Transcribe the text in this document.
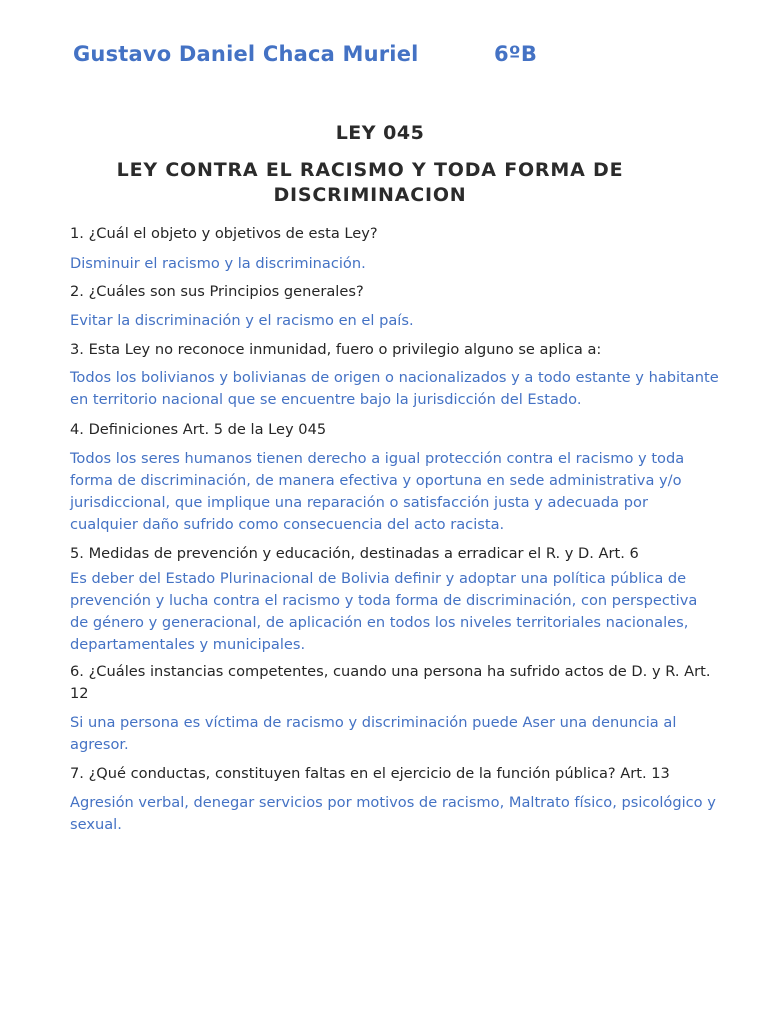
Gustavo Daniel Chaca Muriel	6ºB
LEY 045
LEY CONTRA EL RACISMO Y TODA FORMA DE DISCRIMINACION
1. ¿Cuál el objeto y objetivos de esta Ley?
Disminuir el racismo y la discriminación.
2. ¿Cuáles son sus Principios generales?
Evitar la discriminación y el racismo en el país.
3. Esta Ley no reconoce inmunidad, fuero o privilegio alguno se aplica a:
Todos los bolivianos y bolivianas de origen o nacionalizados y a todo estante y habitante en territorio nacional que se encuentre bajo la jurisdicción del Estado.
4. Definiciones Art. 5 de la Ley 045
Todos los seres humanos tienen derecho a igual protección contra el racismo y toda forma de discriminación, de manera efectiva y oportuna en sede administrativa y/o jurisdiccional, que implique una reparación o satisfacción justa y adecuada por cualquier daño sufrido como consecuencia del acto racista.
5. Medidas de prevención y educación, destinadas a erradicar el R. y D. Art. 6
Es deber del Estado Plurinacional de Bolivia definir y adoptar una política pública de prevención y lucha contra el racismo y toda forma de discriminación, con perspectiva de género y generacional, de aplicación en todos los niveles territoriales nacionales, departamentales y municipales.
6. ¿Cuáles instancias competentes, cuando una persona ha sufrido actos de D. y R. Art. 12
Si una persona es víctima de racismo y discriminación puede Aser una denuncia al agresor.
7. ¿Qué conductas, constituyen faltas en el ejercicio de la función pública? Art. 13
Agresión verbal, denegar servicios por motivos de racismo, Maltrato físico, psicológico y sexual.
